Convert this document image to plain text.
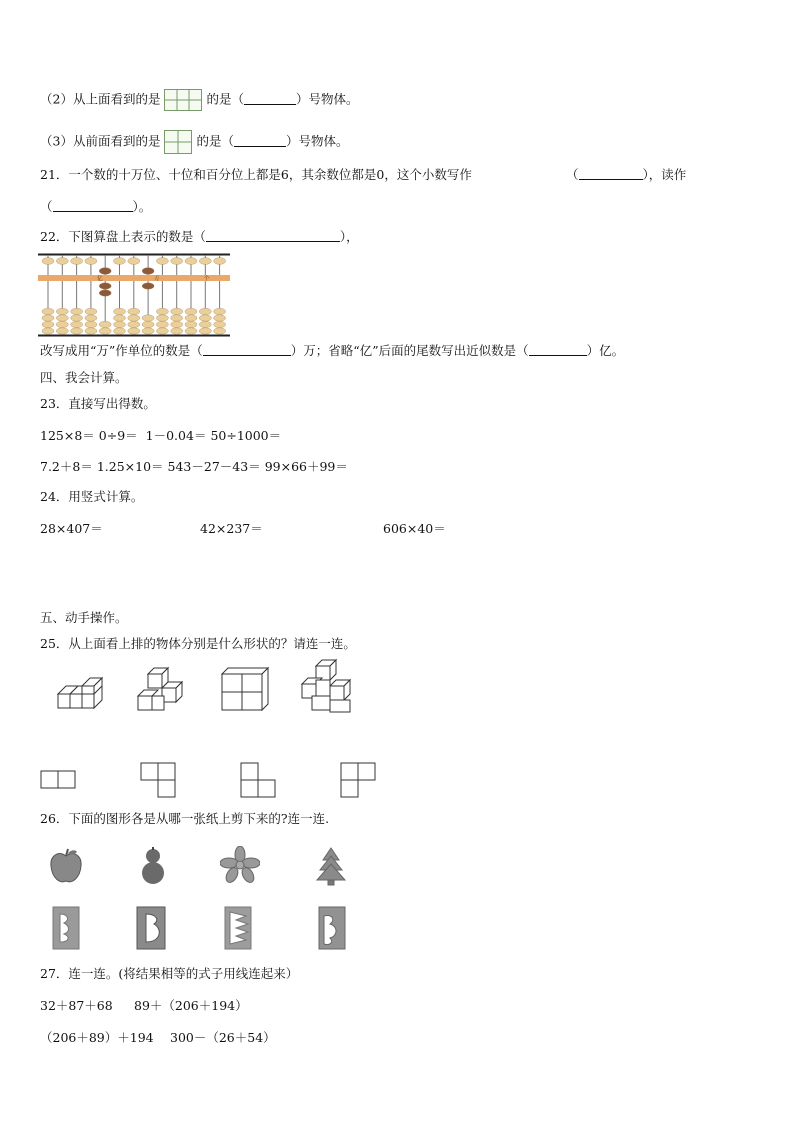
（2）从上面看到的是	的是（	）号物体。
（3）从前面看到的是	的是（	）号物体。
21．一个数的十万位、十位和百分位上都是6，其余数位都是0，这个小数写作	（	），读作
（	）。
22．下图算盘上表示的数是（	），
亿	万	个
改写成用“万”作单位的数是（	）万；省略“亿”后面的尾数写出近似数是（	）亿。
四、我会计算。
23．直接写出得数。
125×8＝ 0÷9＝ 1－0.04＝ 50÷1000＝
7.2＋8＝ 1.25×10＝ 543－27－43＝ 99×66＋99＝
24．用竖式计算。
28×407＝	42×237＝	606×40＝
五、动手操作。
25．从上面看上排的物体分别是什么形状的？请连一连。
26．下面的图形各是从哪一张纸上剪下来的?连一连.
27．连一连。(将结果相等的式子用线连起来）
32＋87＋68 89＋（206＋194）
（206＋89）＋194 300－（26＋54）
